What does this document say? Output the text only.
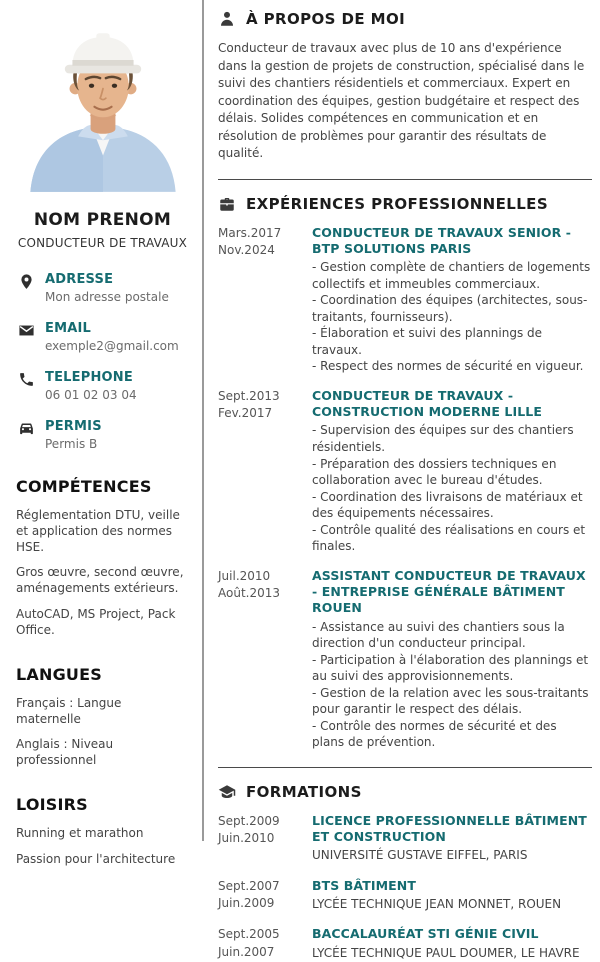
NOM PRENOM
CONDUCTEUR DE TRAVAUX
ADRESSE
Mon adresse postale
EMAIL
exemple2@gmail.com
TELEPHONE
06 01 02 03 04
PERMIS
Permis B
COMPÉTENCES
Réglementation DTU, veille et application des normes HSE.
Gros œuvre, second œuvre, aménagements extérieurs.
AutoCAD, MS Project, Pack Office.
LANGUES
Français : Langue maternelle
Anglais : Niveau professionnel
LOISIRS
Running et marathon
Passion pour l'architecture
À PROPOS DE MOI

Conducteur de travaux avec plus de 10 ans d'expérience dans la gestion de projets de construction, spécialisé dans le suivi des chantiers résidentiels et commerciaux. Expert en coordination des équipes, gestion budgétaire et respect des délais. Solides compétences en communication et en résolution de problèmes pour garantir des résultats de qualité.

EXPÉRIENCES PROFESSIONNELLES
Mars.2017
Nov.2024
CONDUCTEUR DE TRAVAUX SENIOR - BTP SOLUTIONS PARIS
- Gestion complète de chantiers de logements collectifs et immeubles commerciaux.
- Coordination des équipes (architectes, sous-traitants, fournisseurs).
- Élaboration et suivi des plannings de travaux.
- Respect des normes de sécurité en vigueur.
Sept.2013
Fev.2017
CONDUCTEUR DE TRAVAUX - CONSTRUCTION MODERNE LILLE
- Supervision des équipes sur des chantiers résidentiels.
- Préparation des dossiers techniques en collaboration avec le bureau d'études.
- Coordination des livraisons de matériaux et des équipements nécessaires.
- Contrôle qualité des réalisations en cours et finales.
Juil.2010
Août.2013
ASSISTANT CONDUCTEUR DE TRAVAUX - ENTREPRISE GÉNÉRALE BÂTIMENT ROUEN
- Assistance au suivi des chantiers sous la direction d'un conducteur principal.
- Participation à l'élaboration des plannings et au suivi des approvisionnements.
- Gestion de la relation avec les sous-traitants pour garantir le respect des délais.
- Contrôle des normes de sécurité et des plans de prévention.
FORMATIONS
Sept.2009
Juin.2010
LICENCE PROFESSIONNELLE BÂTIMENT ET CONSTRUCTION
UNIVERSITÉ GUSTAVE EIFFEL, PARIS
Sept.2007
Juin.2009
BTS BÂTIMENT
LYCÉE TECHNIQUE JEAN MONNET, ROUEN
Sept.2005
Juin.2007
BACCALAURÉAT STI GÉNIE CIVIL
LYCÉE TECHNIQUE PAUL DOUMER, LE HAVRE
